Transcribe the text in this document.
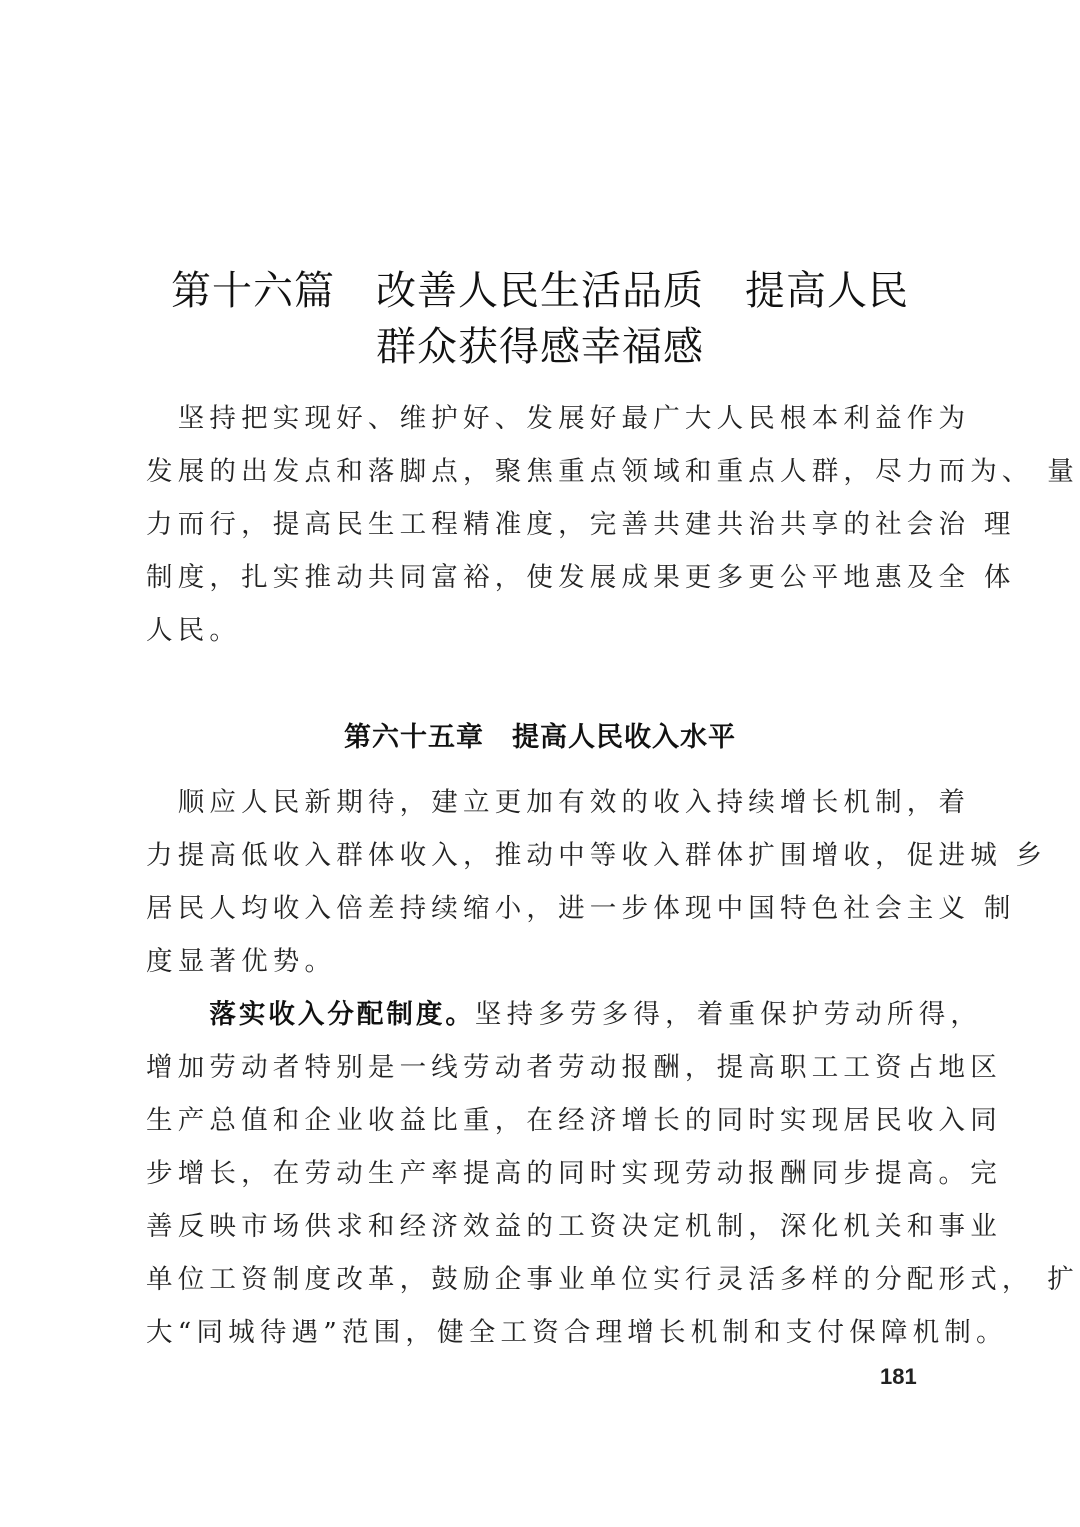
第十六篇　改善人民生活品质　提高人民
群众获得感幸福感
　坚持把实现好、维护好、发展好最广大人民根本利益作为
发展的出发点和落脚点，聚焦重点领域和重点人群，尽力而为、 量
力而行，提高民生工程精准度，完善共建共治共享的社会治 理
制度，扎实推动共同富裕，使发展成果更多更公平地惠及全 体
人民。
第六十五章　提高人民收入水平
　顺应人民新期待，建立更加有效的收入持续增长机制，着
力提高低收入群体收入，推动中等收入群体扩围增收，促进城 乡
居民人均收入倍差持续缩小，进一步体现中国特色社会主义 制
度显著优势。
　　落实收入分配制度。坚持多劳多得，着重保护劳动所得，
增加劳动者特别是一线劳动者劳动报酬，提高职工工资占地区
生产总值和企业收益比重，在经济增长的同时实现居民收入同
步增长，在劳动生产率提高的同时实现劳动报酬同步提高。完
善反映市场供求和经济效益的工资决定机制，深化机关和事业
单位工资制度改革，鼓励企事业单位实行灵活多样的分配形式， 扩
大“同城待遇”范围，健全工资合理增长机制和支付保障机制。
181
